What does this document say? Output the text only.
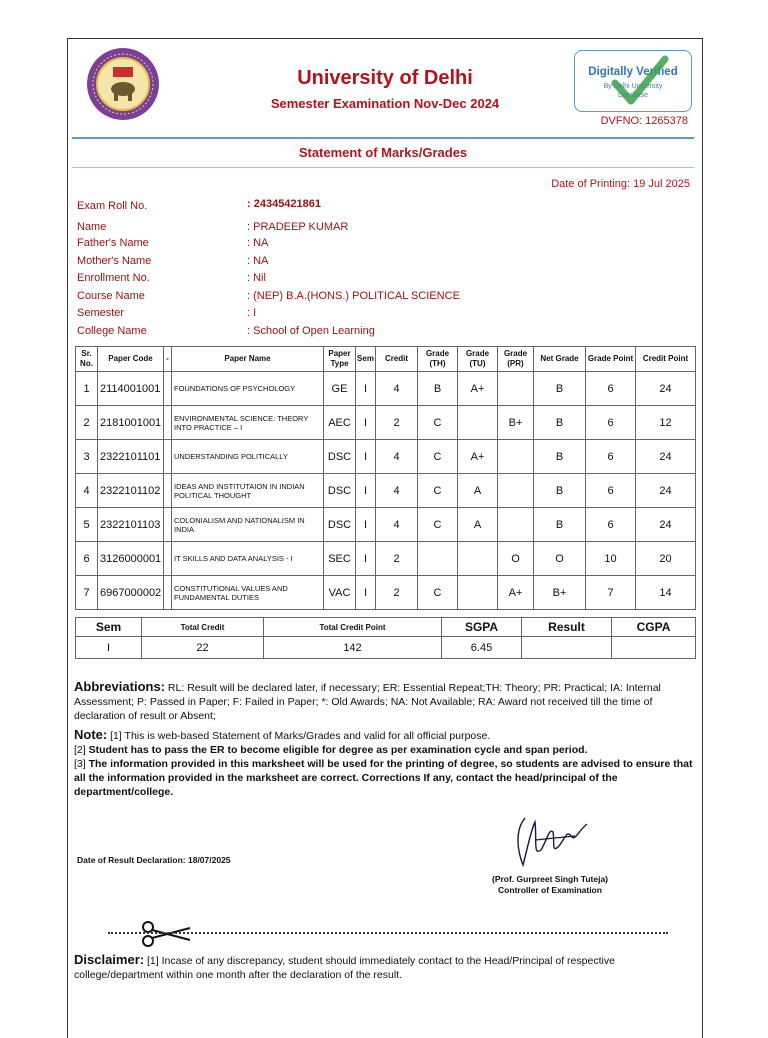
University of Delhi
Semester Examination Nov-Dec 2024
Digitally Verified
By Delhi University
Database
DVFNO: 1265378
Statement of Marks/Grades
Date of Printing: 19 Jul 2025
Exam Roll No.	: 24345421861
Name	: PRADEEP KUMAR
Father's Name	: NA
Mother's Name	: NA
Enrollment No.	: Nil
Course Name	: (NEP) B.A.(HONS.) POLITICAL SCIENCE
Semester	: I
College Name	: School of Open Learning
Sr. No.	Paper Code	-	Paper Name	Paper Type	Sem	Credit	Grade (TH)	Grade (TU)	Grade (PR)	Net Grade	Grade Point	Credit Point
1	2114001001		FOUNDATIONS OF PSYCHOLOGY	GE	I	4	B	A+		B	6	24
2	2181001001		ENVIRONMENTAL SCIENCE: THEORY INTO PRACTICE – I	AEC	I	2	C		B+	B	6	12
3	2322101101		UNDERSTANDING POLITICALLY	DSC	I	4	C	A+		B	6	24
4	2322101102		IDEAS AND INSTITUTAION IN INDIAN POLITICAL THOUGHT	DSC	I	4	C	A		B	6	24
5	2322101103		COLONIALISM AND NATIONALISM IN INDIA	DSC	I	4	C	A		B	6	24
6	3126000001		IT SKILLS AND DATA ANALYSIS - I	SEC	I	2			O	O	10	20
7	6967000002		CONSTITUTIONAL VALUES AND FUNDAMENTAL DUTIES	VAC	I	2	C		A+	B+	7	14
Sem	Total Credit	Total Credit Point	SGPA	Result	CGPA
I	22	142	6.45		
Abbreviations: RL: Result will be declared later, if necessary; ER: Essential Repeat;TH: Theory; PR: Practical; IA: Internal Assessment; P: Passed in Paper; F: Failed in Paper; *: Old Awards; NA: Not Available; RA: Award not received till the time of declaration of result or Absent;
Note: [1] This is web-based Statement of Marks/Grades and valid for all official purpose.
[2] Student has to pass the ER to become eligible for degree as per examination cycle and span period.
[3] The information provided in this marksheet will be used for the printing of degree, so students are advised to ensure that all the information provided in the marksheet are correct. Corrections If any, contact the head/principal of the department/college.
Date of Result Declaration: 18/07/2025
(Prof. Gurpreet Singh Tuteja)
Controller of Examination
Disclaimer: [1] Incase of any discrepancy, student should immediately contact to the Head/Principal of respective college/department within one month after the declaration of the result.
